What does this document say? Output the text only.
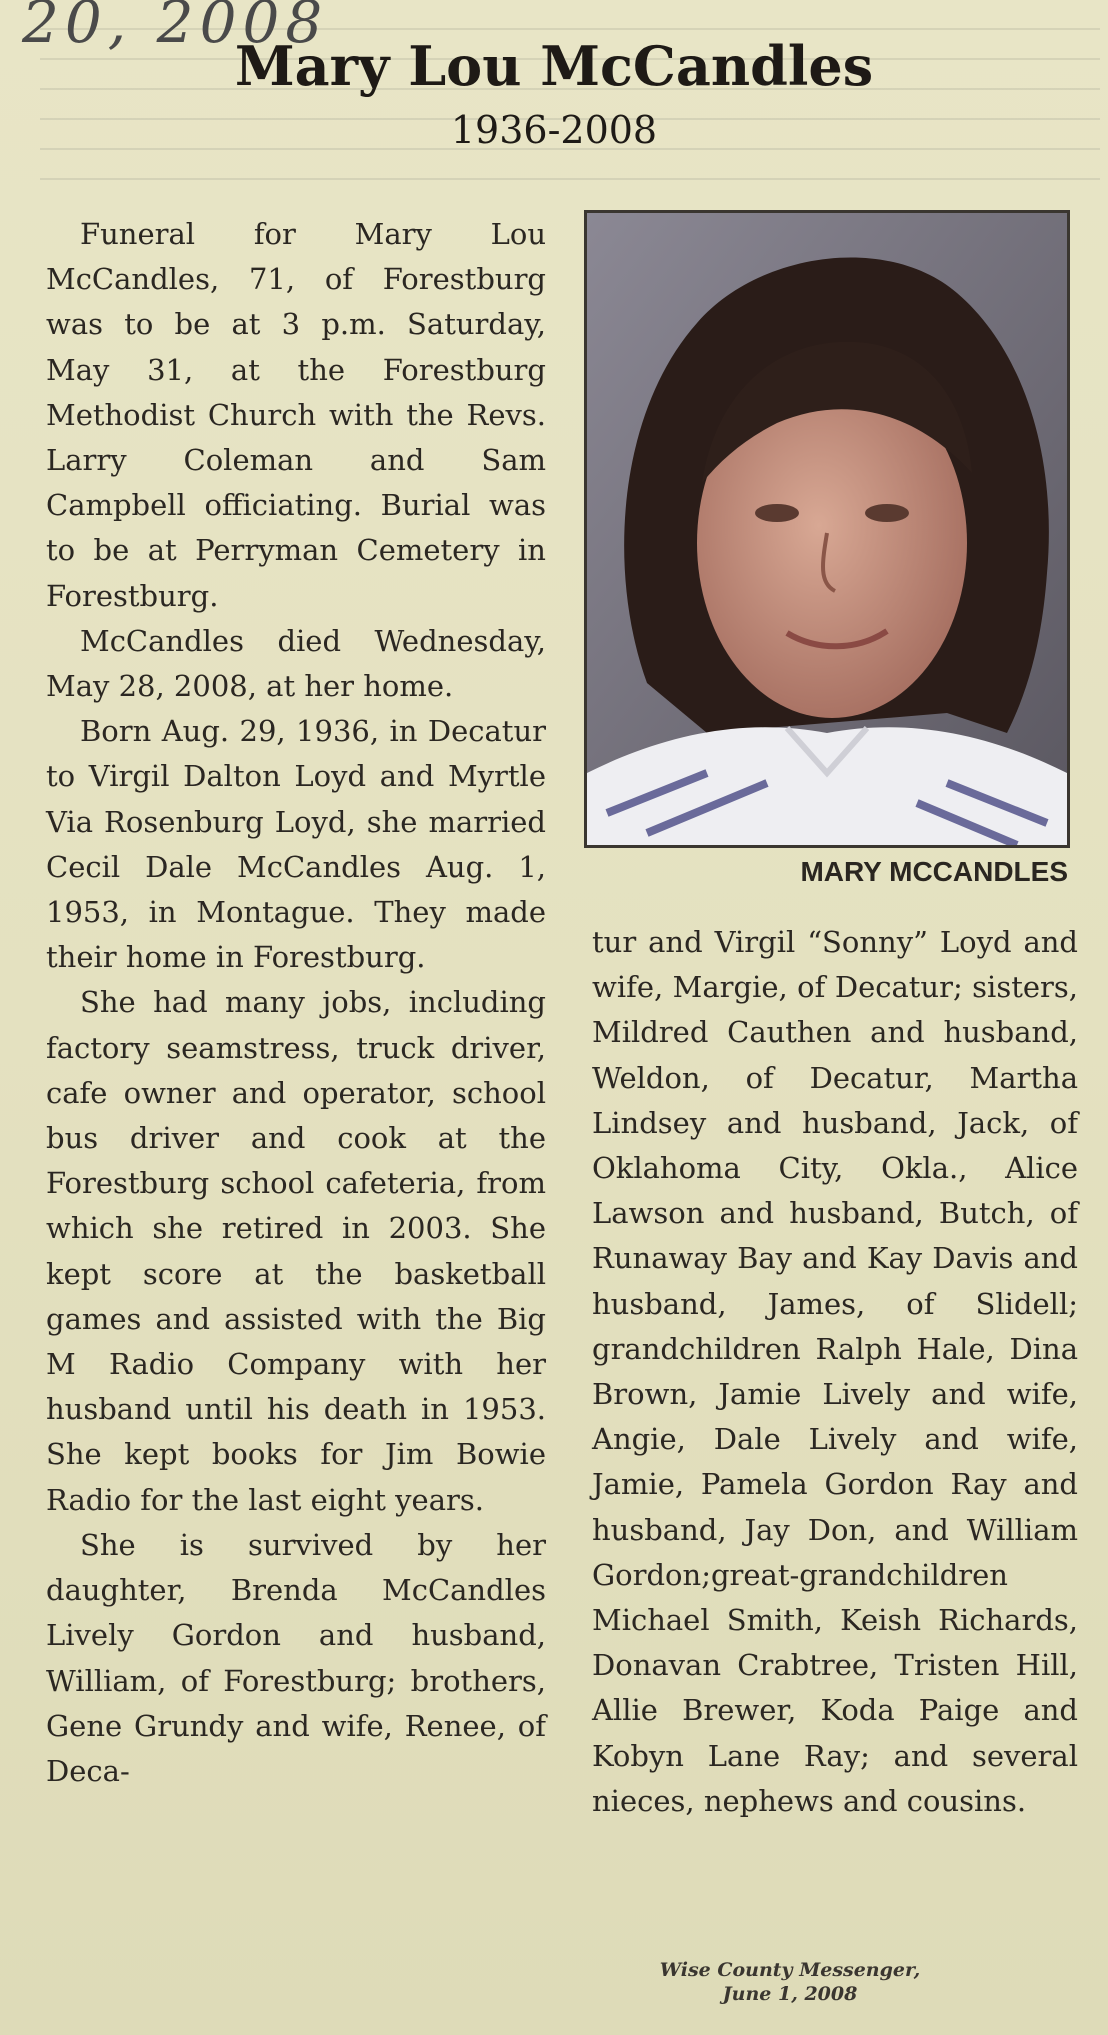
20, 2008
Mary Lou McCandles
1936-2008

Funeral for Mary Lou McCandles, 71, of Forestburg was to be at 3 p.m. Saturday, May 31, at the Forestburg Methodist Church with the Revs. Larry Coleman and Sam Campbell officiating. Burial was to be at Perryman Cemetery in Forestburg.

McCandles died Wednesday, May 28, 2008, at her home.

Born Aug. 29, 1936, in Decatur to Virgil Dalton Loyd and Myrtle Via Rosenburg Loyd, she married Cecil Dale McCandles Aug. 1, 1953, in Montague. They made their home in Forestburg.

She had many jobs, including factory seamstress, truck driver, cafe owner and operator, school bus driver and cook at the Forestburg school cafeteria, from which she retired in 2003. She kept score at the basketball games and assisted with the Big M Radio Company with her husband until his death in 1953. She kept books for Jim Bowie Radio for the last eight years.

She is survived by her daughter, Brenda McCandles Lively Gordon and husband, William, of Forestburg; brothers, Gene Grundy and wife, Renee, of Deca-

MARY MCCANDLES

tur and Virgil “Sonny” Loyd and wife, Margie, of Decatur; sisters, Mildred Cauthen and husband, Weldon, of Decatur, Martha Lindsey and husband, Jack, of Oklahoma City, Okla., Alice Lawson and husband, Butch, of Runaway Bay and Kay Davis and husband, James, of Slidell; grandchildren Ralph Hale, Dina Brown, Jamie Lively and wife, Angie, Dale Lively and wife, Jamie, Pamela Gordon Ray and husband, Jay Don, and William Gordon;great-grandchildren Michael Smith, Keish Richards, Donavan Crabtree, Tristen Hill, Allie Brewer, Koda Paige and Kobyn Lane Ray; and several nieces, nephews and cousins.

Wise County Messenger,
June 1, 2008
